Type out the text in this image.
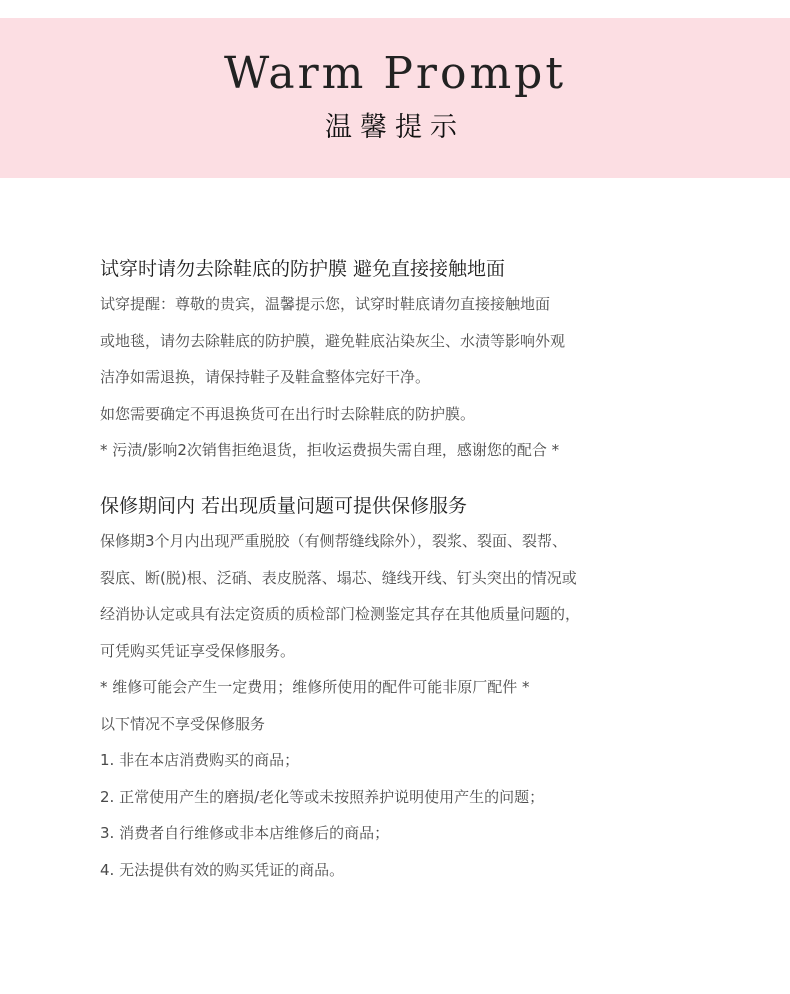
Warm Prompt
温馨提示
试穿时请勿去除鞋底的防护膜 避免直接接触地面
试穿提醒：尊敬的贵宾，温馨提示您，试穿时鞋底请勿直接接触地面
或地毯，请勿去除鞋底的防护膜，避免鞋底沾染灰尘、水渍等影响外观
洁净如需退换，请保持鞋子及鞋盒整体完好干净。
如您需要确定不再退换货可在出行时去除鞋底的防护膜。
* 污渍/影响2次销售拒绝退货，拒收运费损失需自理，感谢您的配合 *
保修期间内 若出现质量问题可提供保修服务
保修期3个月内出现严重脱胶（有侧帮缝线除外），裂浆、裂面、裂帮、
裂底、断(脱)根、泛硝、表皮脱落、塌芯、缝线开线、钉头突出的情况或
经消协认定或具有法定资质的质检部门检测鉴定其存在其他质量问题的，
可凭购买凭证享受保修服务。
* 维修可能会产生一定费用；维修所使用的配件可能非原厂配件 *
以下情况不享受保修服务
1. 非在本店消费购买的商品；
2. 正常使用产生的磨损/老化等或未按照养护说明使用产生的问题；
3. 消费者自行维修或非本店维修后的商品；
4. 无法提供有效的购买凭证的商品。
